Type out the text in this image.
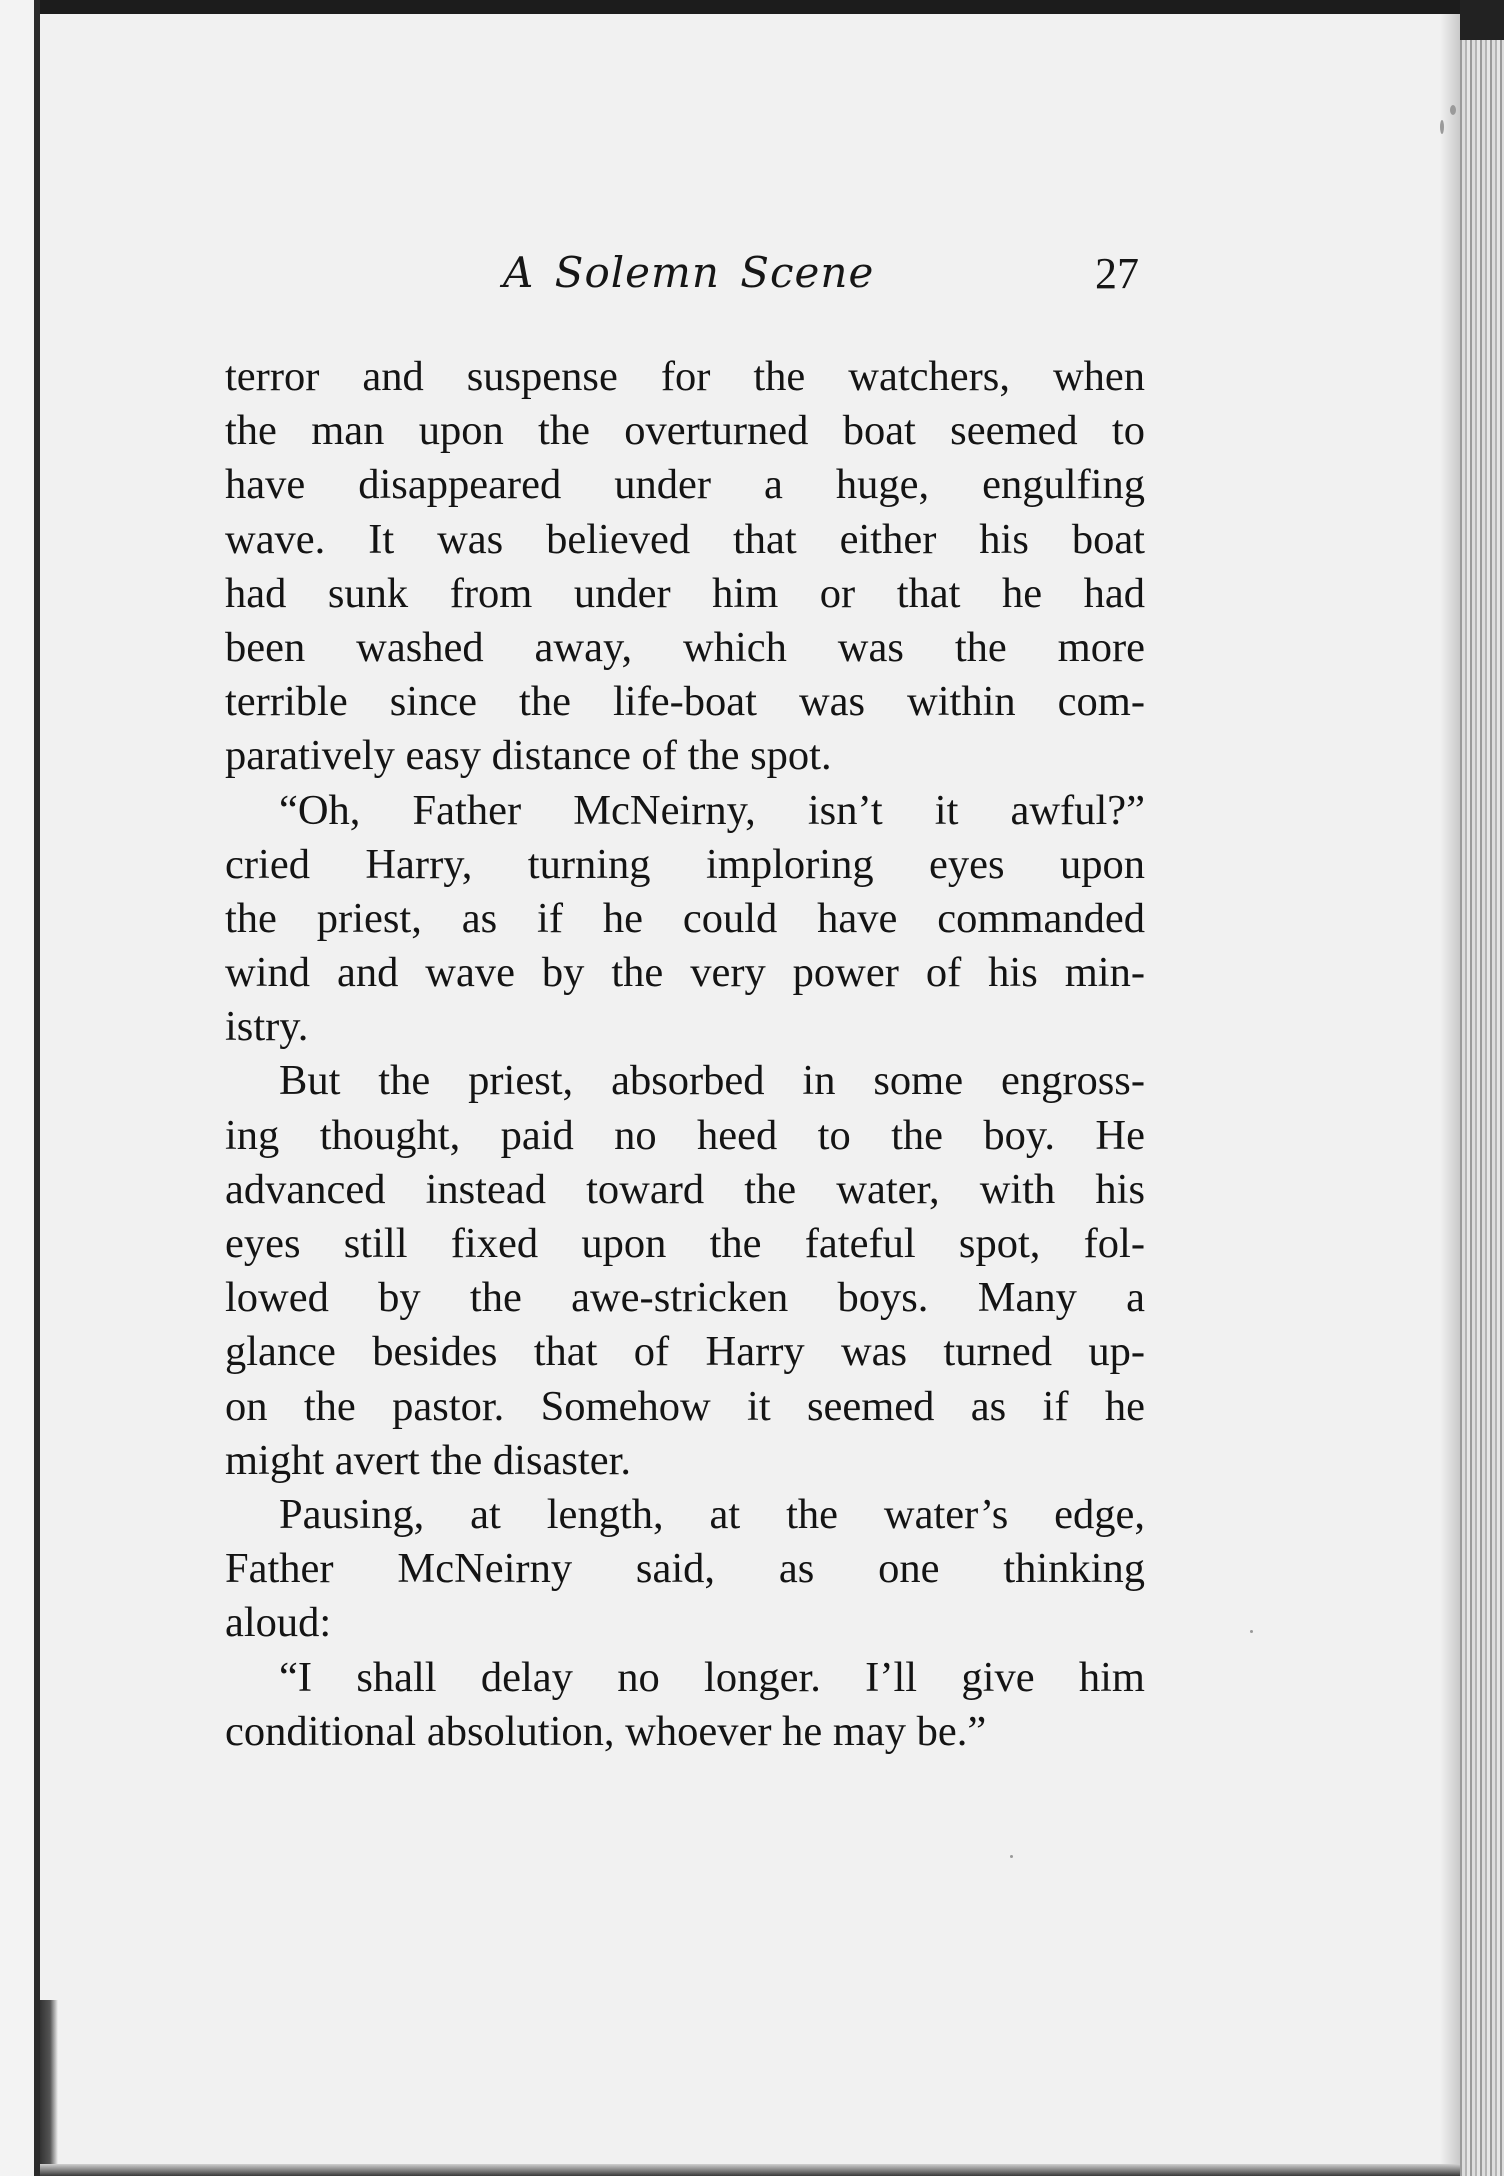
A Solemn Scene	27
terror and suspense for the watchers, when
the man upon the overturned boat seemed to
have disappeared under a huge, engulfing
wave. It was believed that either his boat
had sunk from under him or that he had
been washed away, which was the more
terrible since the life-boat was within com-
paratively easy distance of the spot.
“Oh, Father McNeirny, isn’t it awful?”
cried Harry, turning imploring eyes upon
the priest, as if he could have commanded
wind and wave by the very power of his min-
istry.
But the priest, absorbed in some engross-
ing thought, paid no heed to the boy. He
advanced instead toward the water, with his
eyes still fixed upon the fateful spot, fol-
lowed by the awe-stricken boys. Many a
glance besides that of Harry was turned up-
on the pastor. Somehow it seemed as if he
might avert the disaster.
Pausing, at length, at the water’s edge,
Father McNeirny said, as one thinking
aloud:
“I shall delay no longer. I’ll give him
conditional absolution, whoever he may be.”
